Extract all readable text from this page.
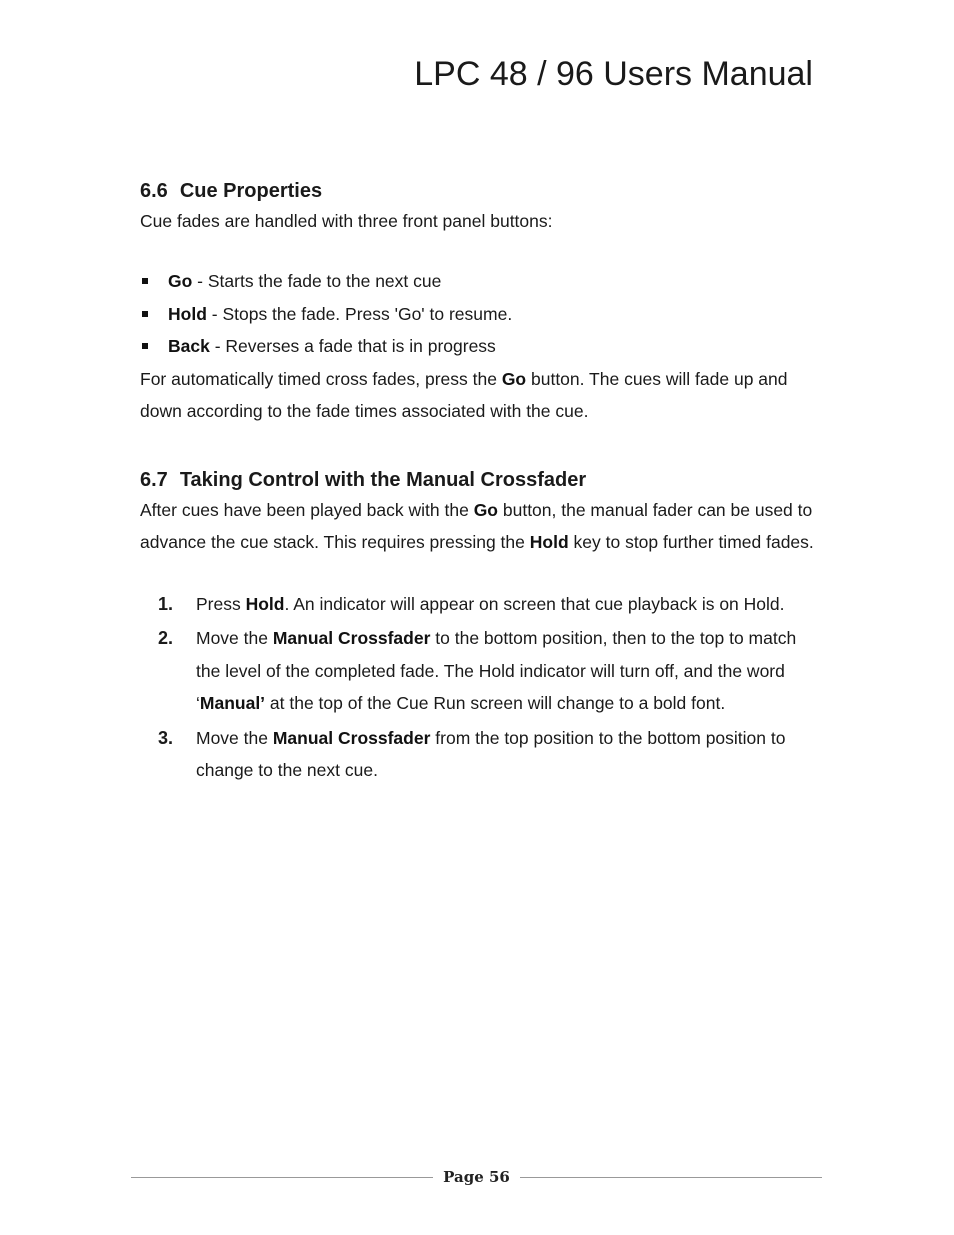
LPC 48 / 96 Users Manual
6.6 Cue Properties

Cue fades are handled with three front panel buttons:

Go - Starts the fade to the next cue
Hold - Stops the fade. Press 'Go' to resume.
Back - Reverses a fade that is in progress

For automatically timed cross fades, press the Go button. The cues will fade up and down according to the fade times associated with the cue.

6.7 Taking Control with the Manual Crossfader

After cues have been played back with the Go button, the manual fader can be used to advance the cue stack. This requires pressing the Hold key to stop further timed fades.

1.	Press Hold. An indicator will appear on screen that cue playback is on Hold.
2.	Move the Manual Crossfader to the bottom position, then to the top to match the level of the completed fade. The Hold indicator will turn off, and the word ‘Manual’ at the top of the Cue Run screen will change to a bold font.
3.	Move the Manual Crossfader from the top position to the bottom position to change to the next cue.
Page 56
